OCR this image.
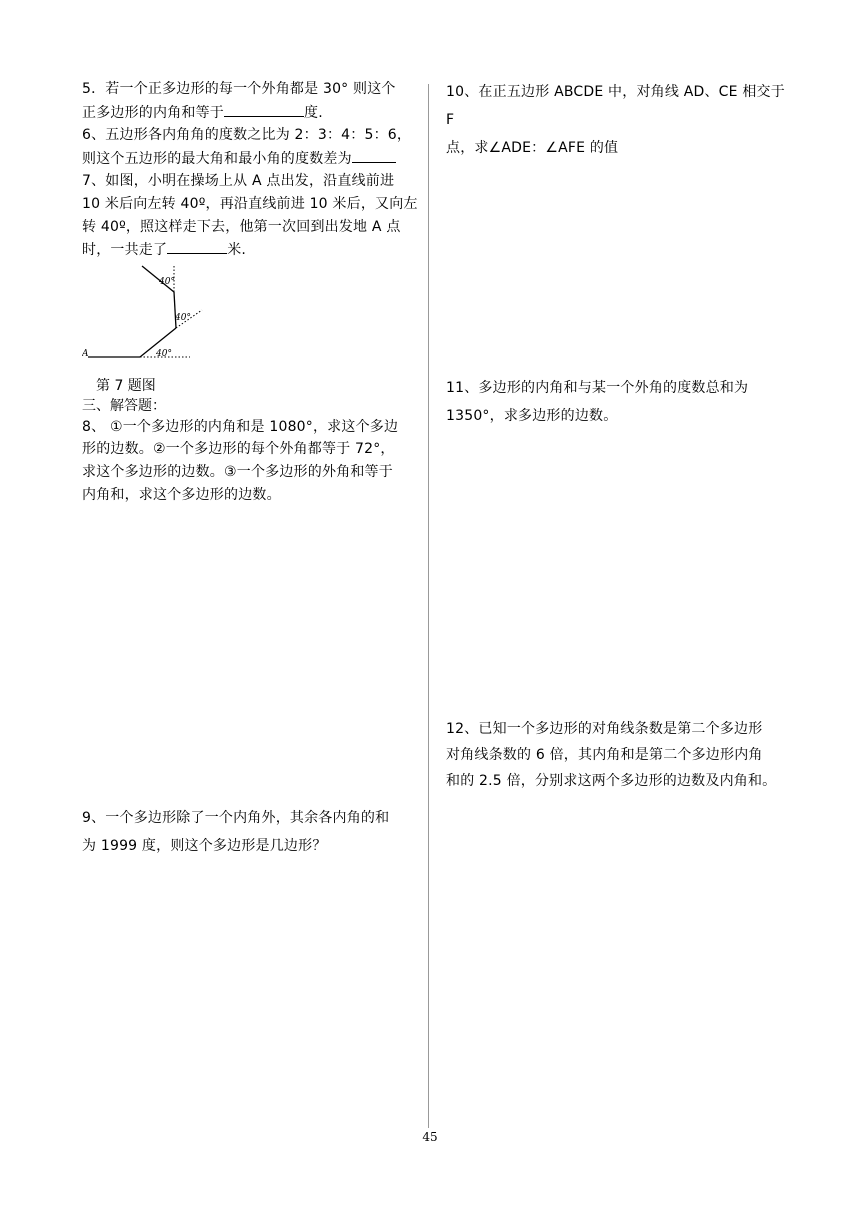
5．若一个正多边形的每一个外角都是 30° 则这个

正多边形的内角和等于	度.

6、五边形各内角角的度数之比为 2：3：4：5：6，

则这个五边形的最大角和最小角的度数差为

7、如图，小明在操场上从 A 点出发，沿直线前进

10 米后向左转 40º，再沿直线前进 10 米后，又向左

转 40º，照这样走下去，他第一次回到出发地 A 点

时，一共走了	米.

A	40°
40°
40°

第 7 题图

三、解答题：

8、 ①一个多边形的内角和是 1080°，求这个多边

形的边数。②一个多边形的每个外角都等于 72°，

求这个多边形的边数。③一个多边形的外角和等于

内角和，求这个多边形的边数。

9、一个多边形除了一个内角外，其余各内角的和

为 1999 度，则这个多边形是几边形？

10、在正五边形 ABCDE 中，对角线 AD、CE 相交于 F

点，求∠ADE：∠AFE 的值

11、多边形的内角和与某一个外角的度数总和为

1350°，求多边形的边数。

12、已知一个多边形的对角线条数是第二个多边形

对角线条数的 6 倍，其内角和是第二个多边形内角

和的 2.5 倍，分别求这两个多边形的边数及内角和。

45
